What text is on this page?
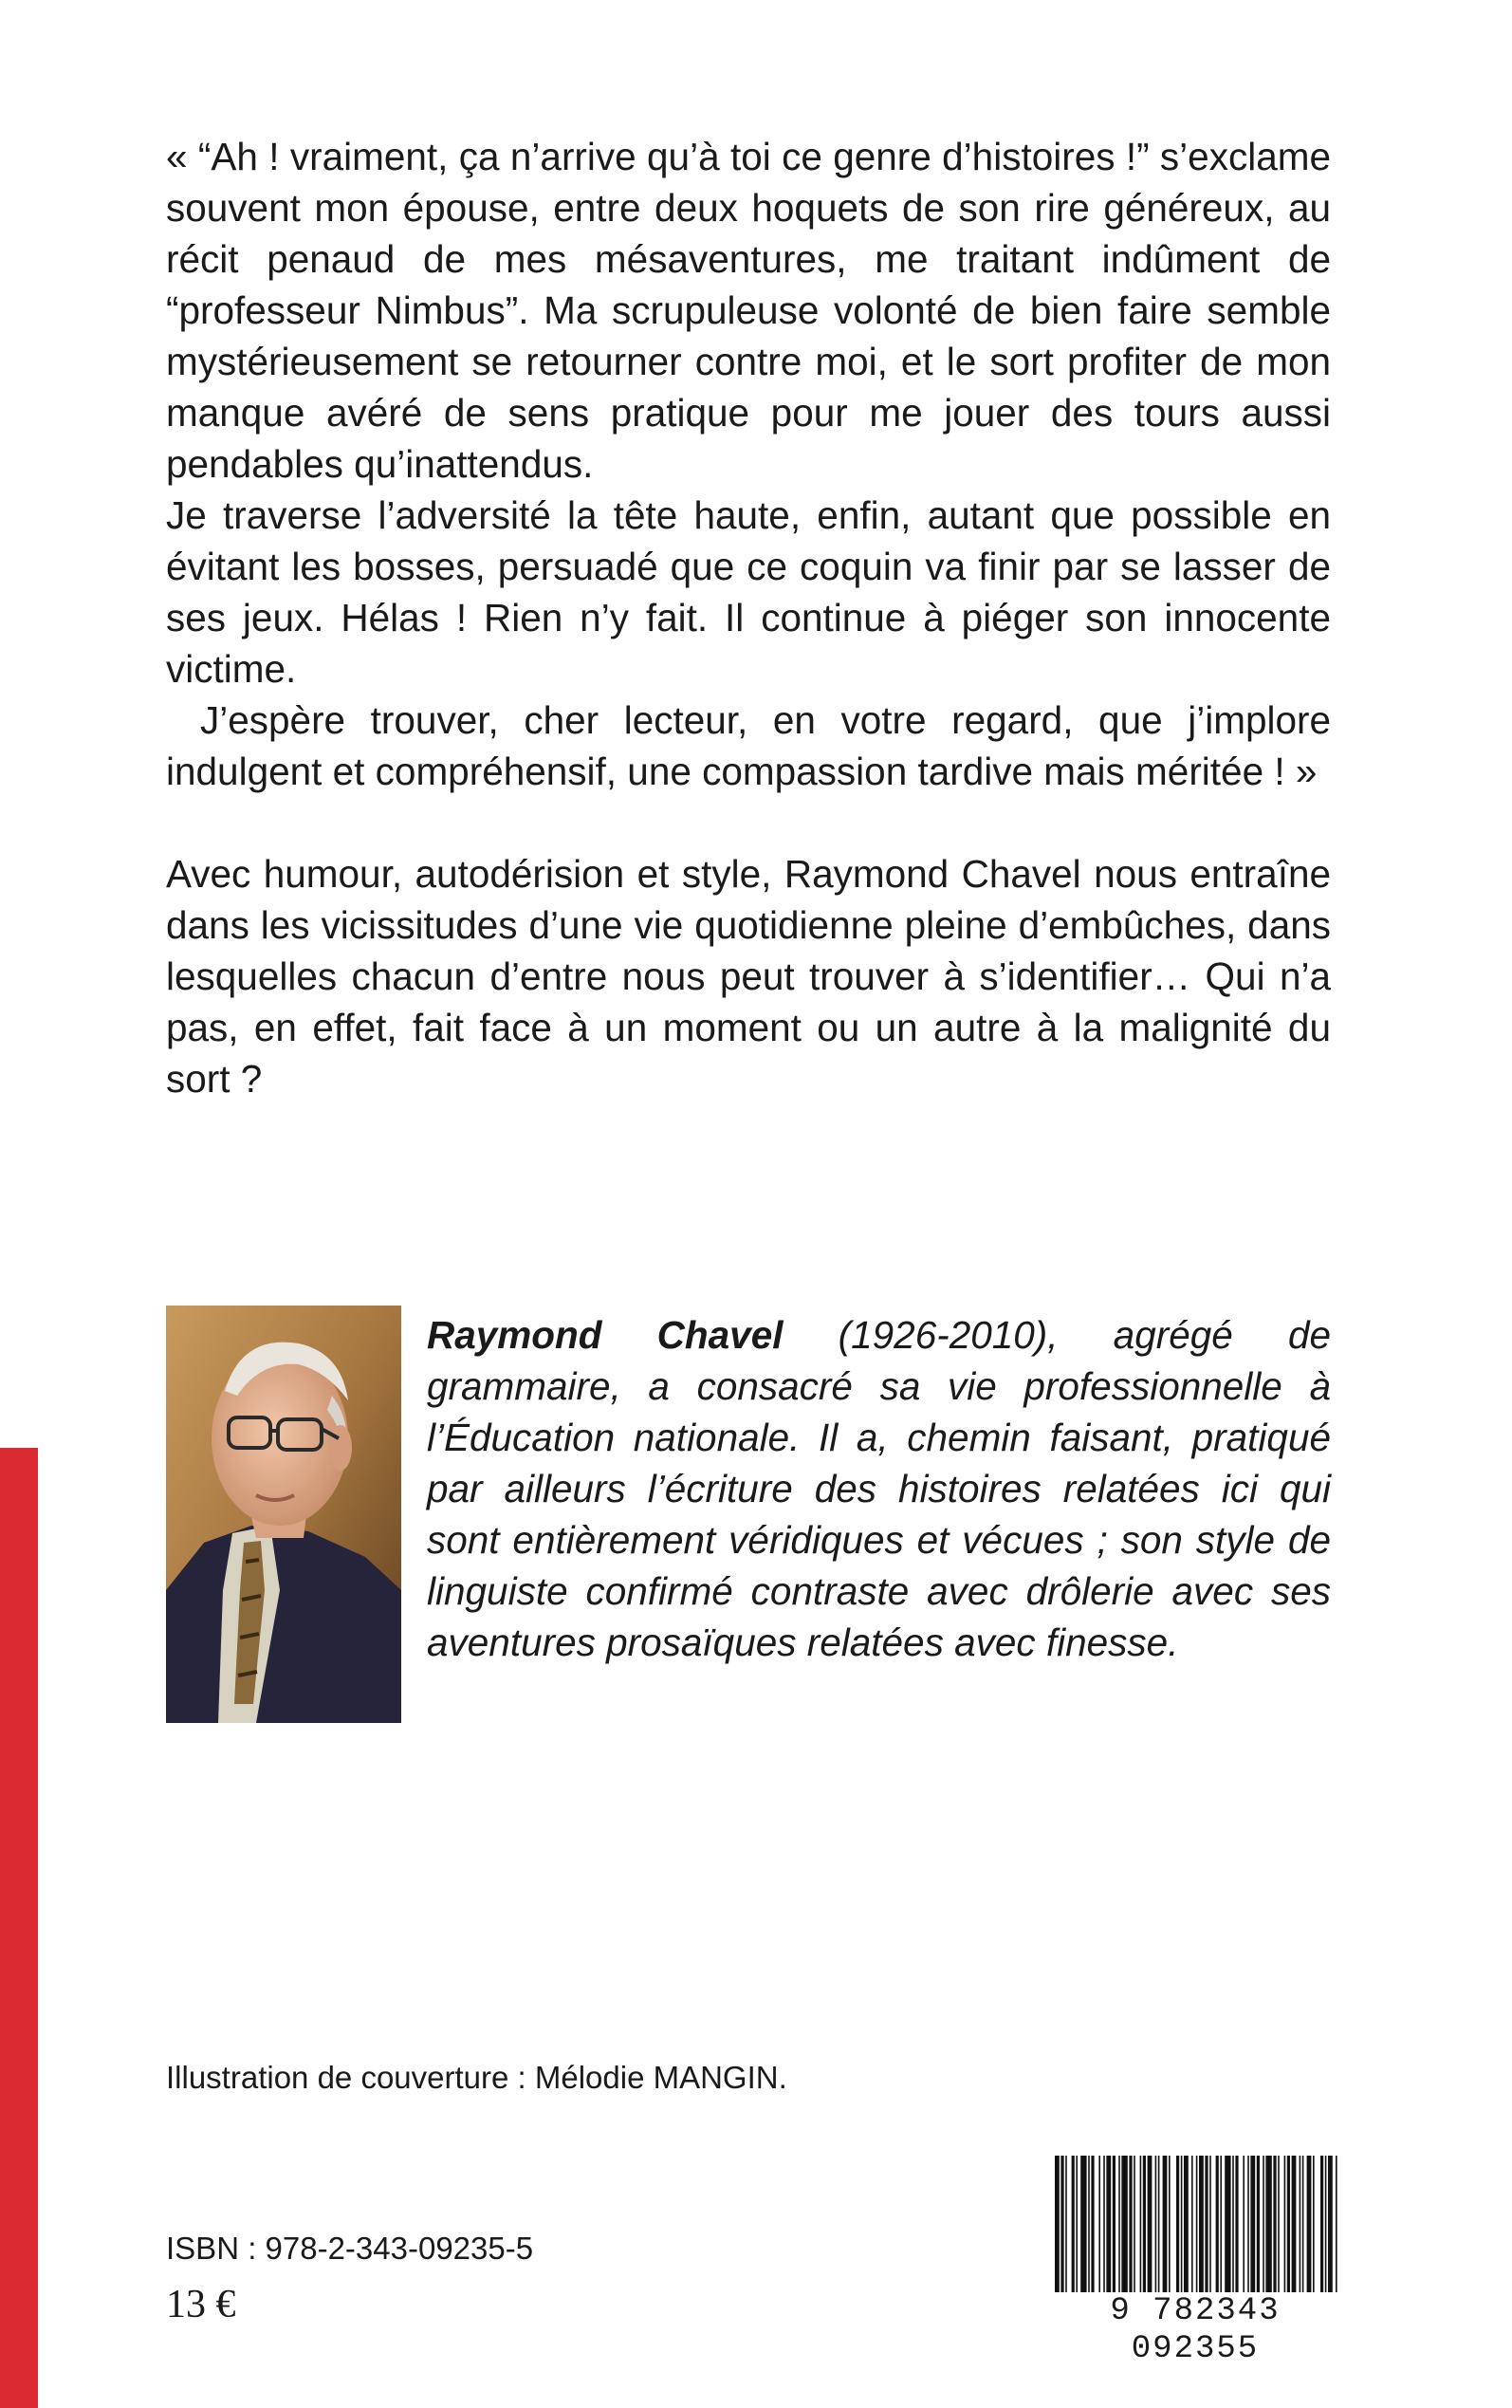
« “Ah ! vraiment, ça n’arrive qu’à toi ce genre d’histoires !” s’exclame souvent mon épouse, entre deux hoquets de son rire généreux, au récit penaud de mes mésaventures, me traitant indûment de “professeur Nimbus”. Ma scrupuleuse volonté de bien faire semble mystérieusement se retourner contre moi, et le sort profiter de mon manque avéré de sens pratique pour me jouer des tours aussi pendables qu’inattendus.

Je traverse l’adversité la tête haute, enfin, autant que possible en évitant les bosses, persuadé que ce coquin va finir par se lasser de ses jeux. Hélas ! Rien n’y fait. Il continue à piéger son innocente victime.

J’espère trouver, cher lecteur, en votre regard, que j’implore indulgent et compréhensif, une compassion tardive mais méritée ! »

Avec humour, autodérision et style, Raymond Chavel nous entraîne dans les vicissitudes d’une vie quotidienne pleine d’embûches, dans lesquelles chacun d’entre nous peut trouver à s’identifier… Qui n’a pas, en effet, fait face à un moment ou un autre à la malignité du sort ?

Raymond Chavel (1926-2010), agrégé de grammaire, a consacré sa vie professionnelle à l’Éducation nationale. Il a, chemin faisant, pratiqué par ailleurs l’écriture des histoires relatées ici qui sont entièrement véridiques et vécues ; son style de linguiste confirmé contraste avec drôlerie avec ses aventures prosaïques relatées avec finesse.

Illustration de couverture : Mélodie MANGIN.
ISBN : 978-2-343-09235-5
13 €	9 782343 092355
